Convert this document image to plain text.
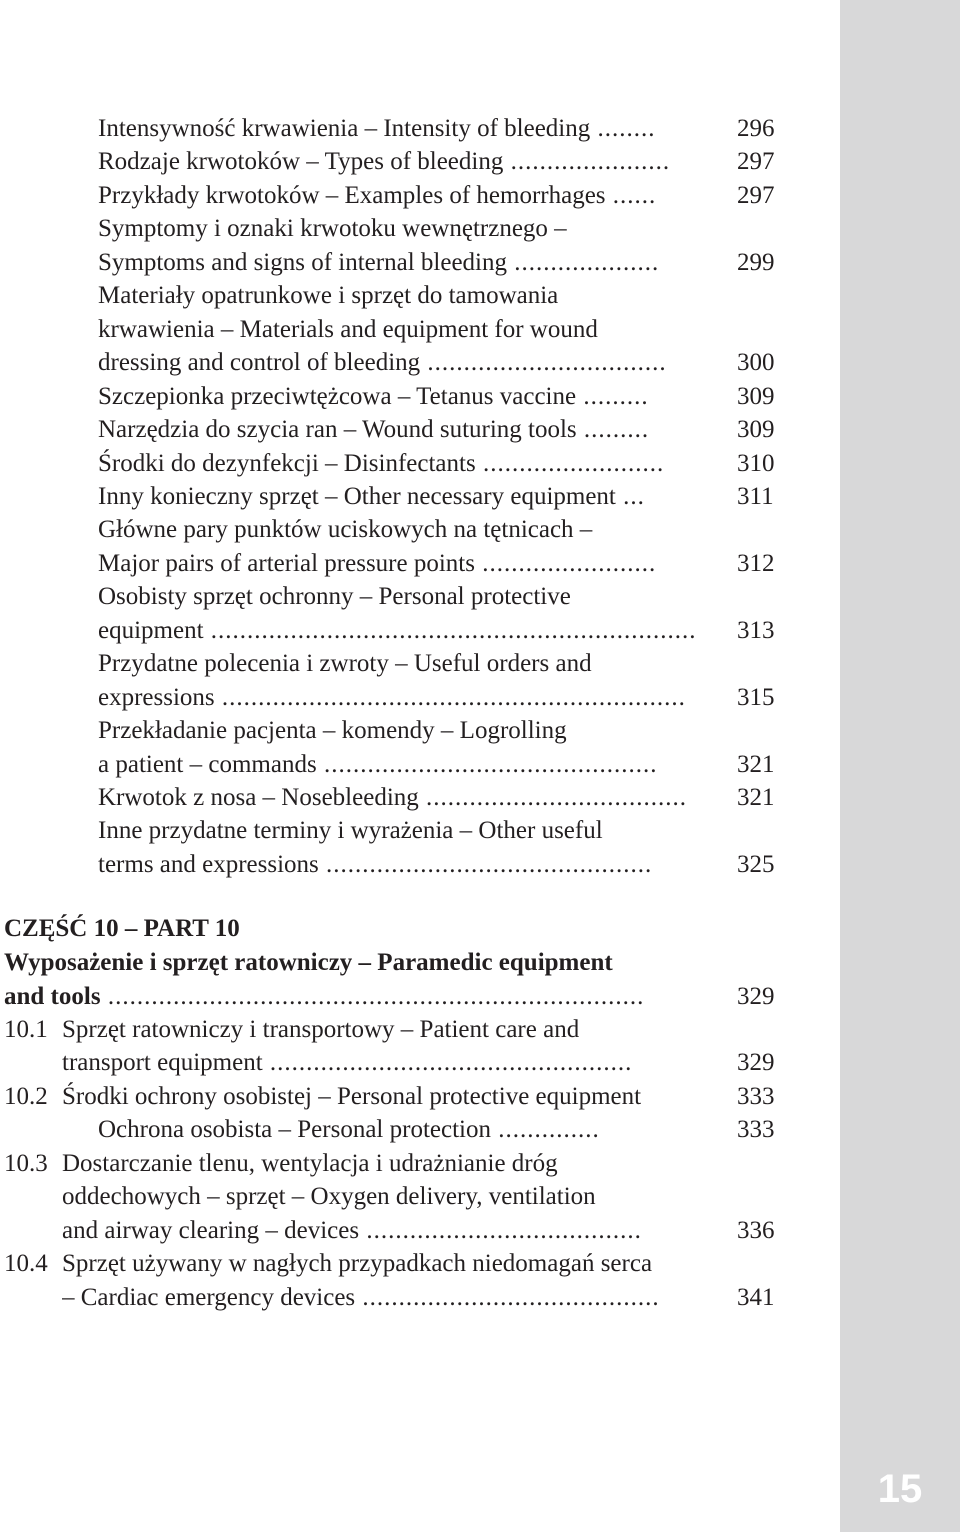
15
Intensywność krwawienia – Intensity of bleeding ........	296
Rodzaje krwotoków – Types of bleeding ......................	297
Przykłady krwotoków – Examples of hemorrhages ......	297
Symptomy i oznaki krwotoku wewnętrznego –
Symptoms and signs of internal bleeding ....................	299
Materiały opatrunkowe i sprzęt do tamowania
krwawienia – Materials and equipment for wound
dressing and control of bleeding .................................	300
Szczepionka przeciwtężcowa – Tetanus vaccine .........	309
Narzędzia do szycia ran – Wound suturing tools .........	309
Środki do dezynfekcji – Disinfectants .........................	310
Inny konieczny sprzęt – Other necessary equipment ...	311
Główne pary punktów uciskowych na tętnicach –
Major pairs of arterial pressure points ........................	312
Osobisty sprzęt ochronny – Personal protective
equipment ...................................................................	313
Przydatne polecenia i zwroty – Useful orders and
expressions ................................................................	315
Przekładanie pacjenta – komendy – Logrolling
a patient – commands ..............................................	321
Krwotok z nosa – Nosebleeding ....................................	321
Inne przydatne terminy i wyrażenia – Other useful
terms and expressions .............................................	325
CZĘŚĆ 10 – PART 10
Wyposażenie i sprzęt ratowniczy – Paramedic equipment
and tools ..........................................................................	329
10.1 Sprzęt ratowniczy i transportowy – Patient care and
transport equipment ..................................................	329
10.2 Środki ochrony osobistej – Personal protective equipment	333
Ochrona osobista – Personal protection ..............	333
10.3 Dostarczanie tlenu, wentylacja i udrażnianie dróg
oddechowych – sprzęt – Oxygen delivery, ventilation
and airway clearing – devices ......................................	336
10.4 Sprzęt używany w nagłych przypadkach niedomagań serca
– Cardiac emergency devices .........................................	341
